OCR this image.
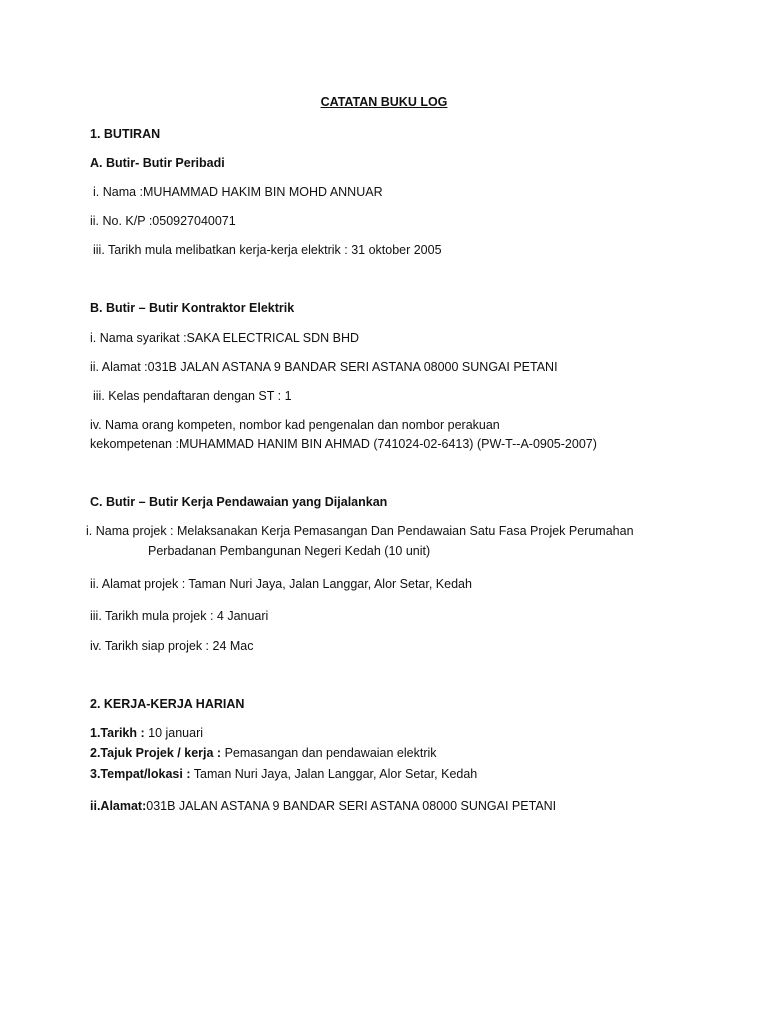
CATATAN BUKU LOG
1. BUTIRAN
A. Butir- Butir Peribadi
i. Nama :MUHAMMAD HAKIM BIN MOHD ANNUAR
ii. No. K/P :050927040071
iii. Tarikh mula melibatkan kerja-kerja elektrik : 31 oktober 2005
B. Butir – Butir Kontraktor Elektrik
i. Nama syarikat :SAKA ELECTRICAL SDN BHD
ii. Alamat :031B JALAN ASTANA 9 BANDAR SERI ASTANA 08000 SUNGAI PETANI
iii. Kelas pendaftaran dengan ST : 1
iv. Nama orang kompeten, nombor kad pengenalan dan nombor perakuan
kekompetenan :MUHAMMAD HANIM BIN AHMAD (741024-02-6413) (PW-T--A-0905-2007)
C. Butir – Butir Kerja Pendawaian yang Dijalankan
i. Nama projek : Melaksanakan Kerja Pemasangan Dan Pendawaian Satu Fasa Projek Perumahan
Perbadanan Pembangunan Negeri Kedah (10 unit)
ii. Alamat projek : Taman Nuri Jaya, Jalan Langgar, Alor Setar, Kedah
iii. Tarikh mula projek : 4 Januari
iv. Tarikh siap projek : 24 Mac
2. KERJA-KERJA HARIAN
1.Tarikh : 10 januari
2.Tajuk Projek / kerja : Pemasangan dan pendawaian elektrik
3.Tempat/lokasi : Taman Nuri Jaya, Jalan Langgar, Alor Setar, Kedah
ii.Alamat:031B JALAN ASTANA 9 BANDAR SERI ASTANA 08000 SUNGAI PETANI
